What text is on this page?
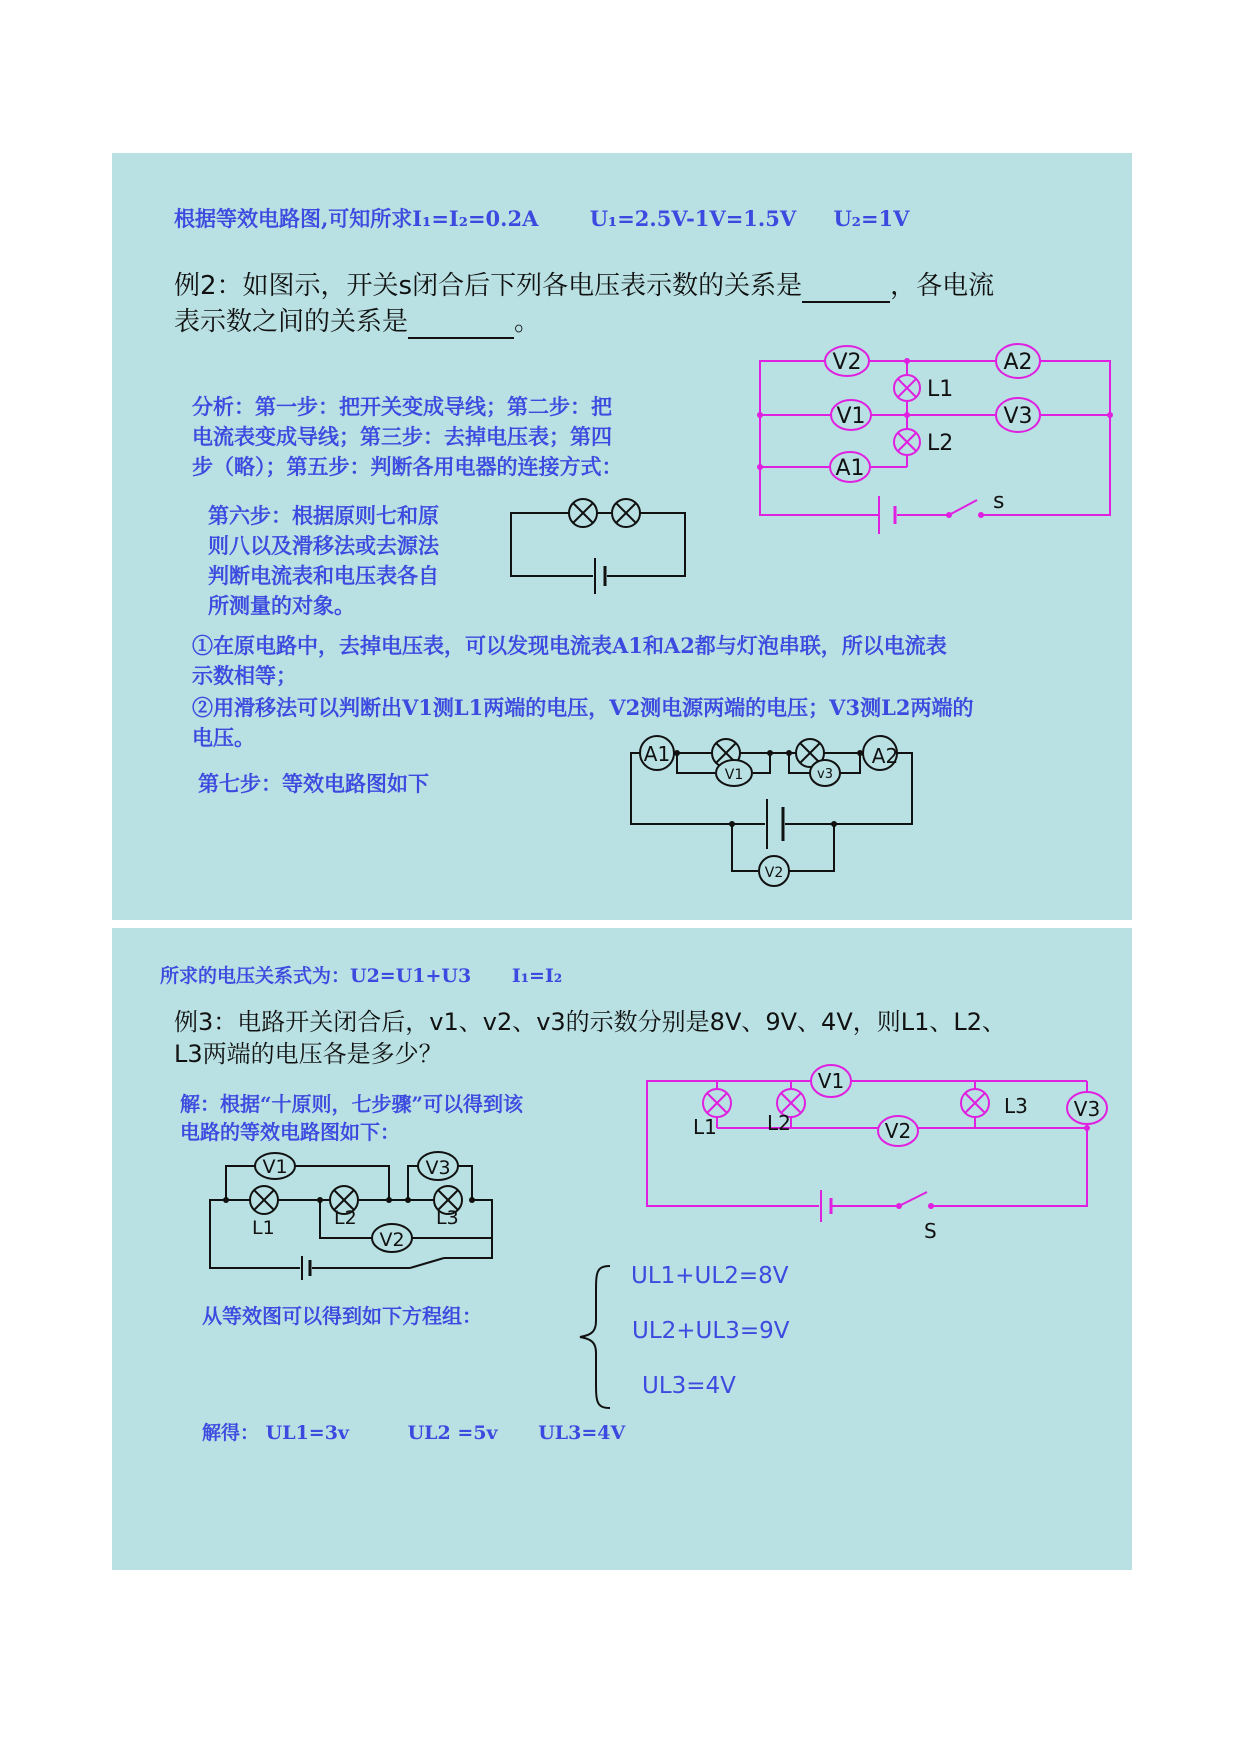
根据等效电路图,可知所求I₁=I₂=0.2A U₁=2.5V-1V=1.5V U₂=1V
例2：如图示，开关s闭合后下列各电压表示数的关系是	，各电流
表示数之间的关系是	。
分析：第一步：把开关变成导线；第二步：把
电流表变成导线；第三步：去掉电压表；第四
步（略）；第五步：判断各用电器的连接方式：
第六步：根据原则七和原
则八以及滑移法或去源法
判断电流表和电压表各自
所测量的对象。
①在原电路中，去掉电压表，可以发现电流表A1和A2都与灯泡串联，所以电流表
示数相等；
②用滑移法可以判断出V1测L1两端的电压，V2测电源两端的电压；V3测L2两端的
电压。
第七步：等效电路图如下
V2	A2
V1	V3
A1
L1
L2
s
A1	A2
V1	v3
V2
所求的电压关系式为：U2=U1+U3 I₁=I₂
例3：电路开关闭合后，v1、v2、v3的示数分别是8V、9V、4V，则L1、L2、
L3两端的电压各是多少？
解：根据“十原则，七步骤”可以得到该
电路的等效电路图如下：
从等效图可以得到如下方程组：
UL1+UL2=8V
UL2+UL3=9V
UL3=4V
解得： UL1=3v	UL2 =5v UL3=4V
V1
V3
V2
L1	L2
L3
S
V1	V3
V2
L1	L2	L3
